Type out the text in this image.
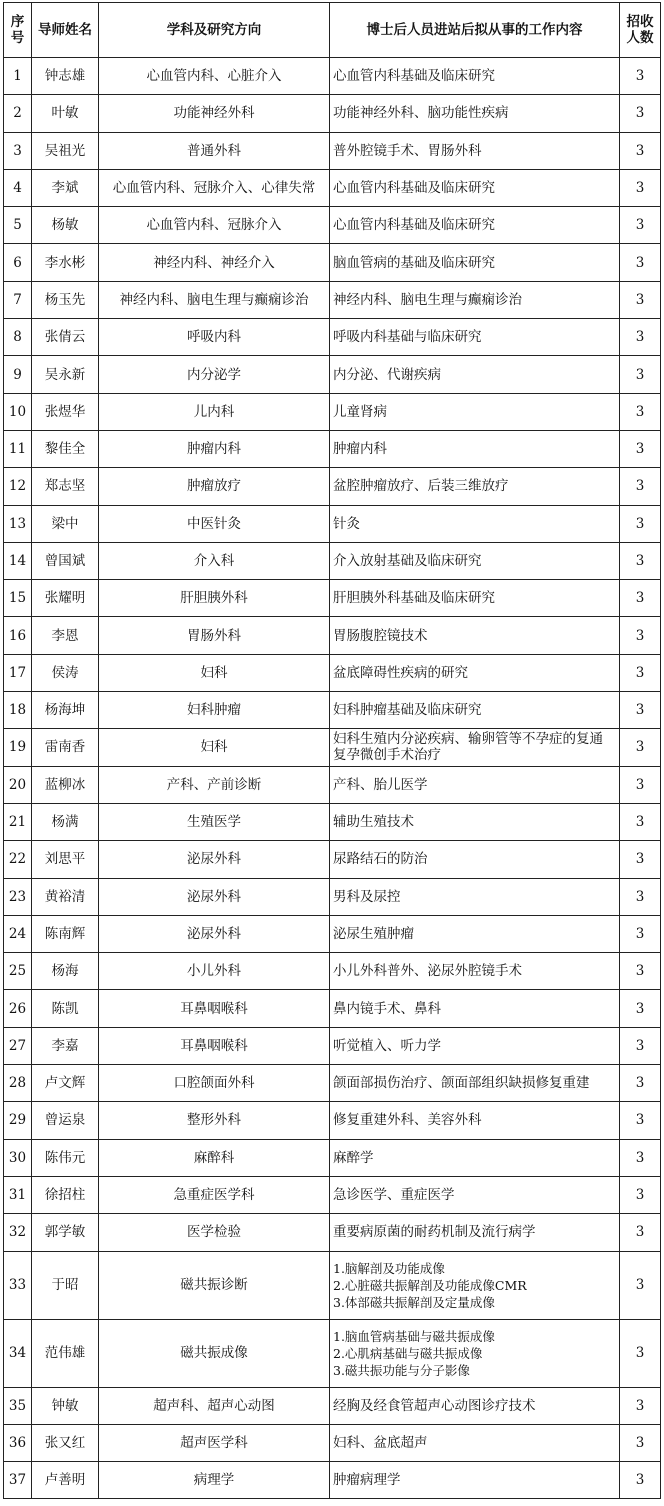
序号	导师姓名	学科及研究方向	博士后人员进站后拟从事的工作内容	招收人数
1	钟志雄	心血管内科、心脏介入	心血管内科基础及临床研究	3
2	叶敏	功能神经外科	功能神经外科、脑功能性疾病	3
3	吴祖光	普通外科	普外腔镜手术、胃肠外科	3
4	李斌	心血管内科、冠脉介入、心律失常	心血管内科基础及临床研究	3
5	杨敏	心血管内科、冠脉介入	心血管内科基础及临床研究	3
6	李水彬	神经内科、神经介入	脑血管病的基础及临床研究	3
7	杨玉先	神经内科、脑电生理与癫痫诊治	神经内科、脑电生理与癫痫诊治	3
8	张倩云	呼吸内科	呼吸内科基础与临床研究	3
9	吴永新	内分泌学	内分泌、代谢疾病	3
10	张煜华	儿内科	儿童肾病	3
11	黎佳全	肿瘤内科	肿瘤内科	3
12	郑志坚	肿瘤放疗	盆腔肿瘤放疗、后装三维放疗	3
13	梁中	中医针灸	针灸	3
14	曾国斌	介入科	介入放射基础及临床研究	3
15	张耀明	肝胆胰外科	肝胆胰外科基础及临床研究	3
16	李恩	胃肠外科	胃肠腹腔镜技术	3
17	侯涛	妇科	盆底障碍性疾病的研究	3
18	杨海坤	妇科肿瘤	妇科肿瘤基础及临床研究	3
19	雷南香	妇科	妇科生殖内分泌疾病、输卵管等不孕症的复通复孕微创手术治疗	3
20	蓝柳冰	产科、产前诊断	产科、胎儿医学	3
21	杨满	生殖医学	辅助生殖技术	3
22	刘思平	泌尿外科	尿路结石的防治	3
23	黄裕清	泌尿外科	男科及尿控	3
24	陈南辉	泌尿外科	泌尿生殖肿瘤	3
25	杨海	小儿外科	小儿外科普外、泌尿外腔镜手术	3
26	陈凯	耳鼻咽喉科	鼻内镜手术、鼻科	3
27	李嘉	耳鼻咽喉科	听觉植入、听力学	3
28	卢文辉	口腔颌面外科	颌面部损伤治疗、颌面部组织缺损修复重建	3
29	曾运泉	整形外科	修复重建外科、美容外科	3
30	陈伟元	麻醉科	麻醉学	3
31	徐招柱	急重症医学科	急诊医学、重症医学	3
32	郭学敏	医学检验	重要病原菌的耐药机制及流行病学	3
33	于昭	磁共振诊断	1.脑解剖及功能成像
2.心脏磁共振解剖及功能成像CMR
3.体部磁共振解剖及定量成像	3
34	范伟雄	磁共振成像	1.脑血管病基础与磁共振成像
2.心肌病基础与磁共振成像
3.磁共振功能与分子影像	3
35	钟敏	超声科、超声心动图	经胸及经食管超声心动图诊疗技术	3
36	张又红	超声医学科	妇科、盆底超声	3
37	卢善明	病理学	肿瘤病理学	3
